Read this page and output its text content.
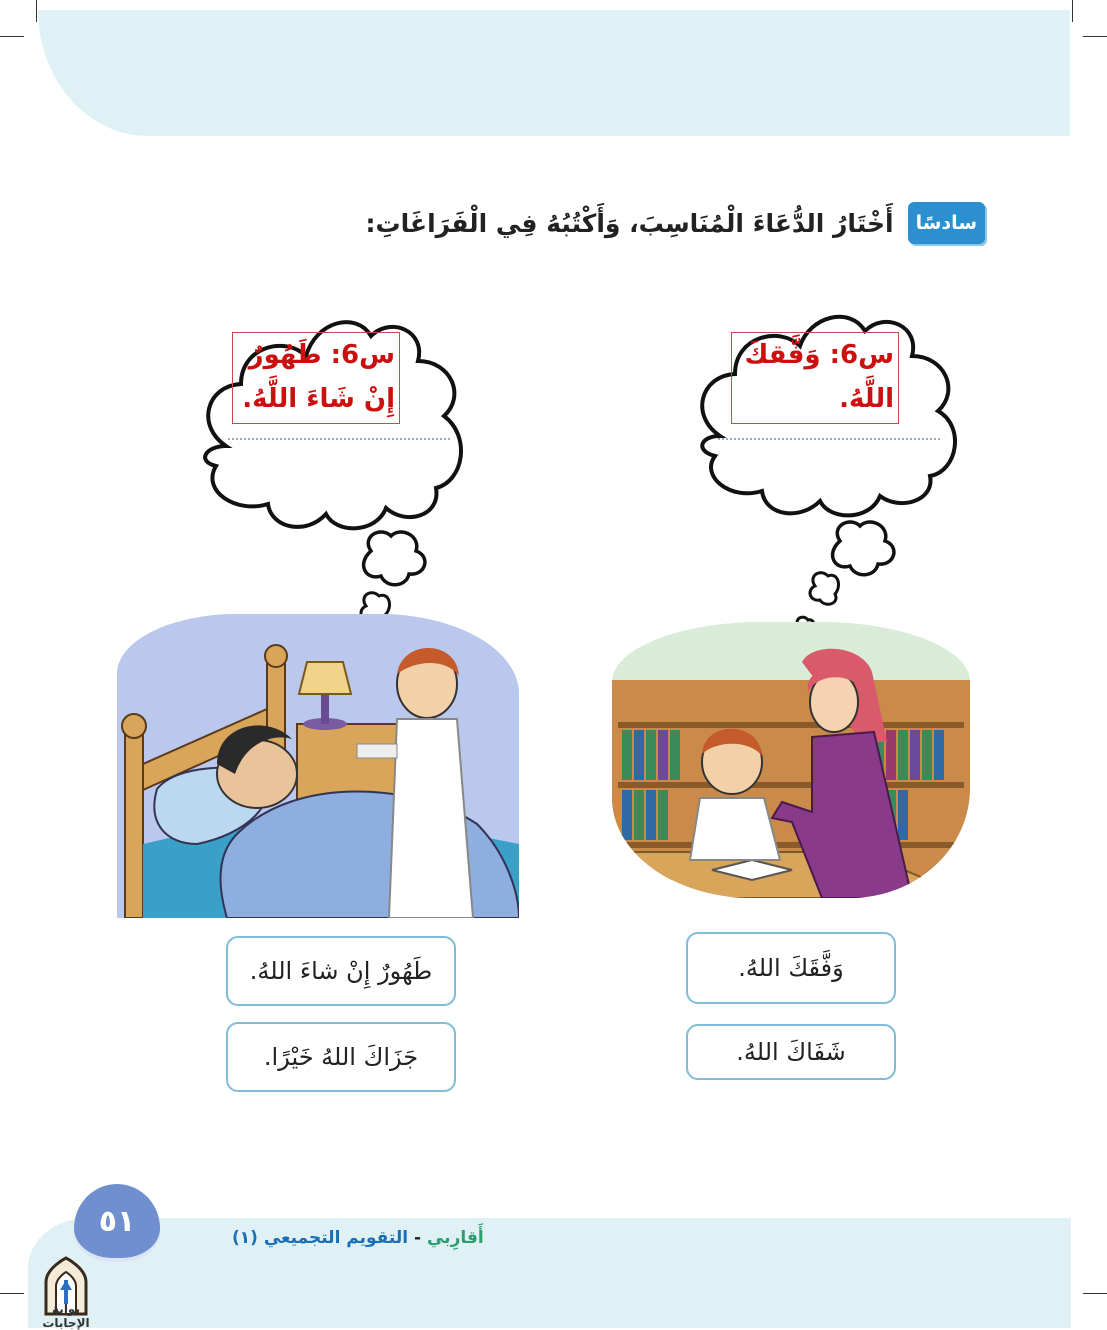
سادسًا
أَخْتَارُ الدُّعَاءَ الْمُنَاسِبَ، وَأَكْتُبُهُ فِي الْفَرَاغَاتِ:
س6: وَفَّقكَ اللَّهُ.
س6: طَهُورٌ إِنْ شَاءَ اللَّهُ.
وَفَّقَكَ اللهُ.
شَفَاكَ اللهُ.
طَهُورٌ إِنْ شاءَ اللهُ.
جَزَاكَ اللهُ خَيْرًا.
٥١	أَقارِبي - التقويم التجميعي (١)
بوابة الإجابات
